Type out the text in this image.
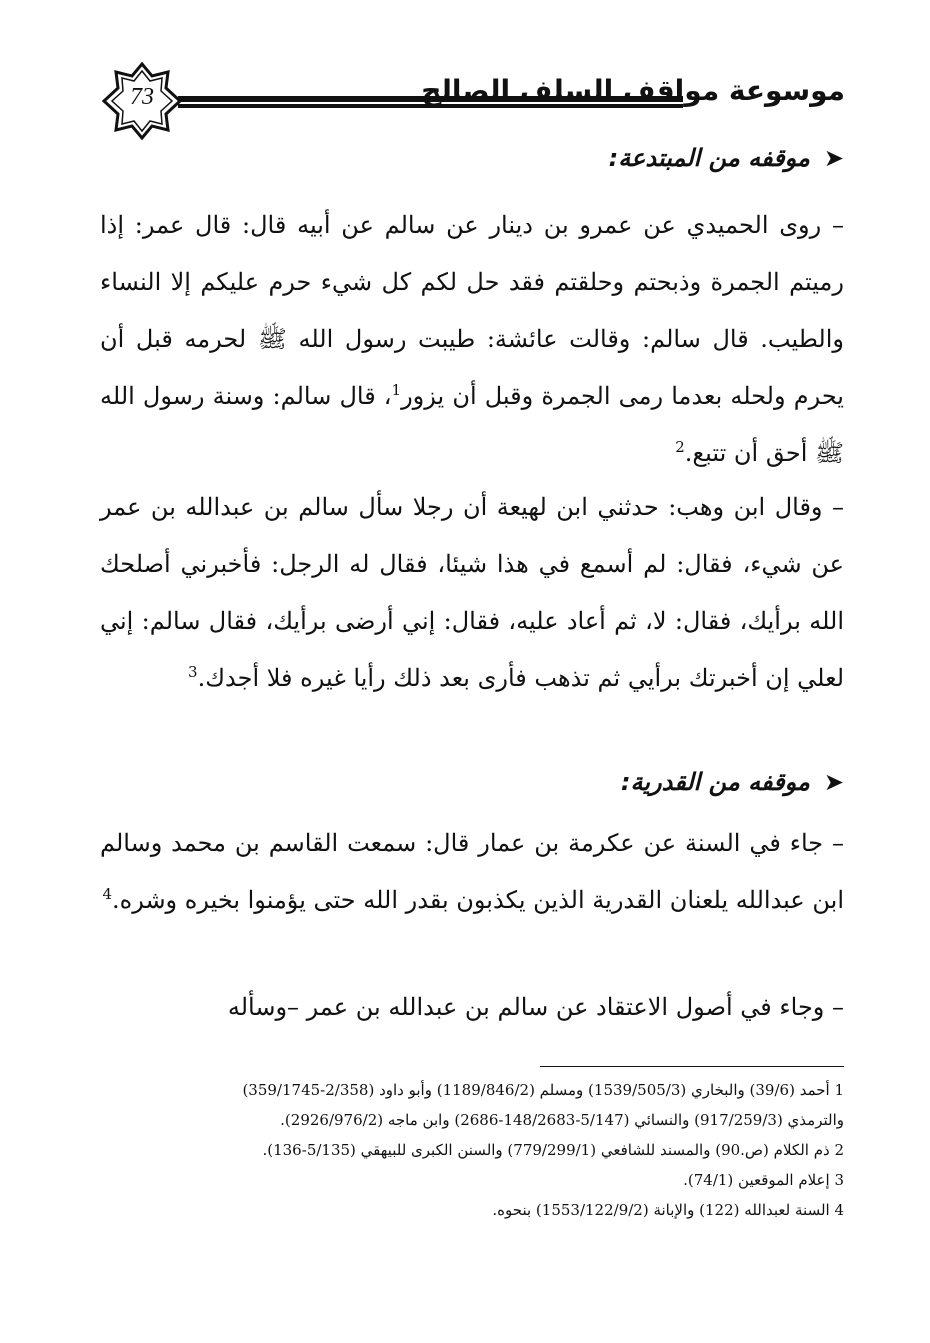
73	موسوعة مواقف السلف الصالح
➤موقفه من المبتدعة:

– روى الحميدي عن عمرو بن دينار عن سالم عن أبيه قال: قال عمر: إذا رميتم الجمرة وذبحتم وحلقتم فقد حل لكم كل شيء حرم عليكم إلا النساء والطيب. قال سالم: وقالت عائشة: طيبت رسول الله ﷺ لحرمه قبل أن يحرم ولحله بعدما رمى الجمرة وقبل أن يزور$^1$، قال سالم: وسنة رسول الله ﷺ أحق أن تتبع.$^2$

– وقال ابن وهب: حدثني ابن لهيعة أن رجلا سأل سالم بن عبدالله بن عمر عن شيء، فقال: لم أسمع في هذا شيئا، فقال له الرجل: فأخبرني أصلحك الله برأيك، فقال: لا، ثم أعاد عليه، فقال: إني أرضى برأيك، فقال سالم: إني لعلي إن أخبرتك برأيي ثم تذهب فأرى بعد ذلك رأيا غيره فلا أجدك.$^3$

➤موقفه من القدرية:

– جاء في السنة عن عكرمة بن عمار قال: سمعت القاسم بن محمد وسالم ابن عبدالله يلعنان القدرية الذين يكذبون بقدر الله حتى يؤمنوا بخيره وشره.$^4$

– وجاء في أصول الاعتقاد عن سالم بن عبدالله بن عمر –وسأله

1 أحمد (39/6) والبخاري (1539/505/3) ومسلم (1189/846/2) وأبو داود (2/358-359/1745)

والترمذي (917/259/3) والنسائي (5/147-148/2683-2686) وابن ماجه (2926/976/2).

2 ذم الكلام (ص.90) والمسند للشافعي (779/299/1) والسنن الكبرى للبيهقي (5/135-136).

3 إعلام الموقعين (74/1).

4 السنة لعبدالله (122) والإبانة (1553/122/9/2) بنحوه.
